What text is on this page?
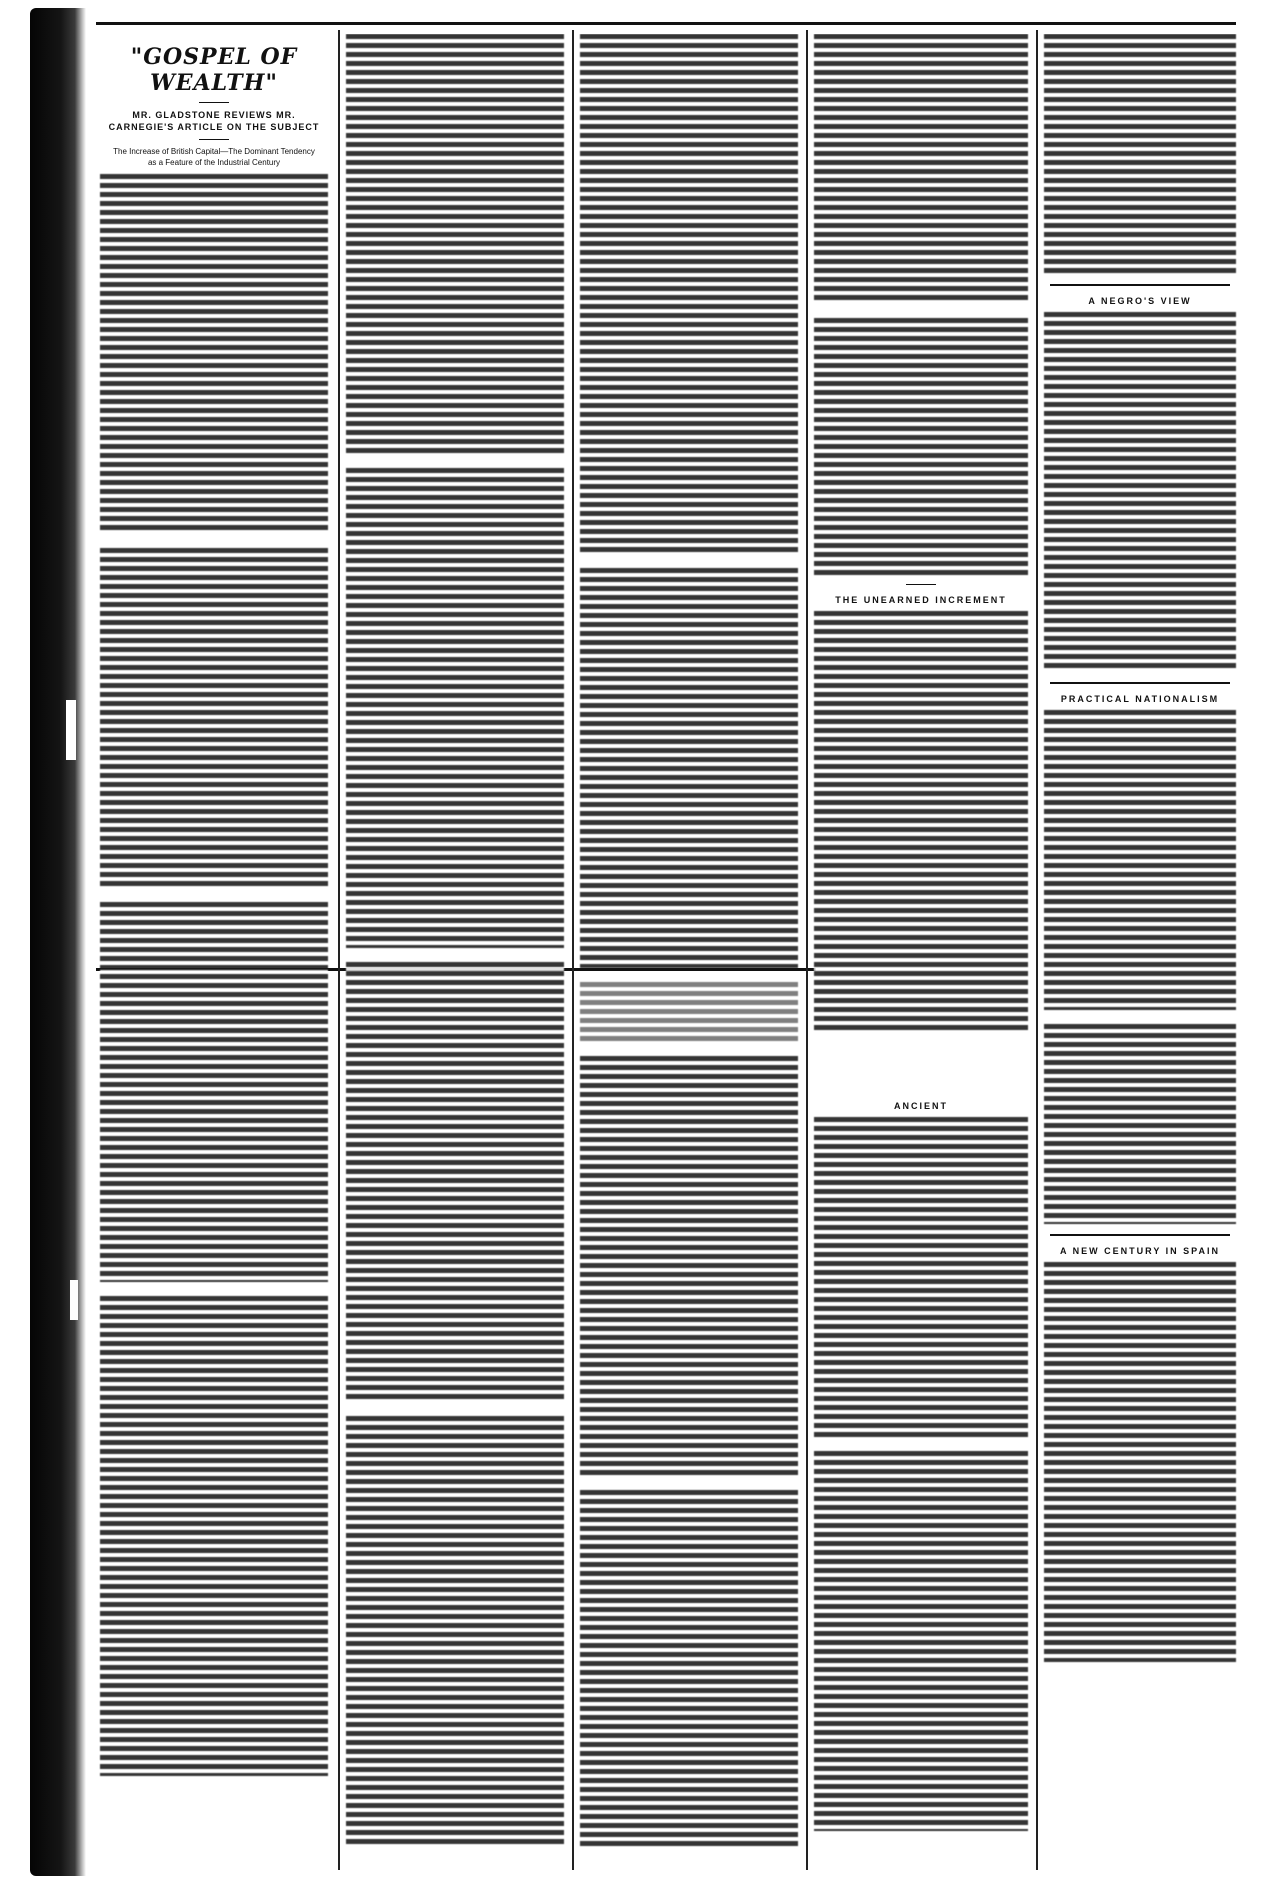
"GOSPEL OF WEALTH"
MR. GLADSTONE REVIEWS MR. CARNEGIE'S ARTICLE ON THE SUBJECT
The Increase of British Capital—The Dominant Tendency as a Feature of the Industrial Century
THE UNEARNED INCREMENT
ANCIENT
A NEGRO'S VIEW
PRACTICAL NATIONALISM
A NEW CENTURY IN SPAIN
